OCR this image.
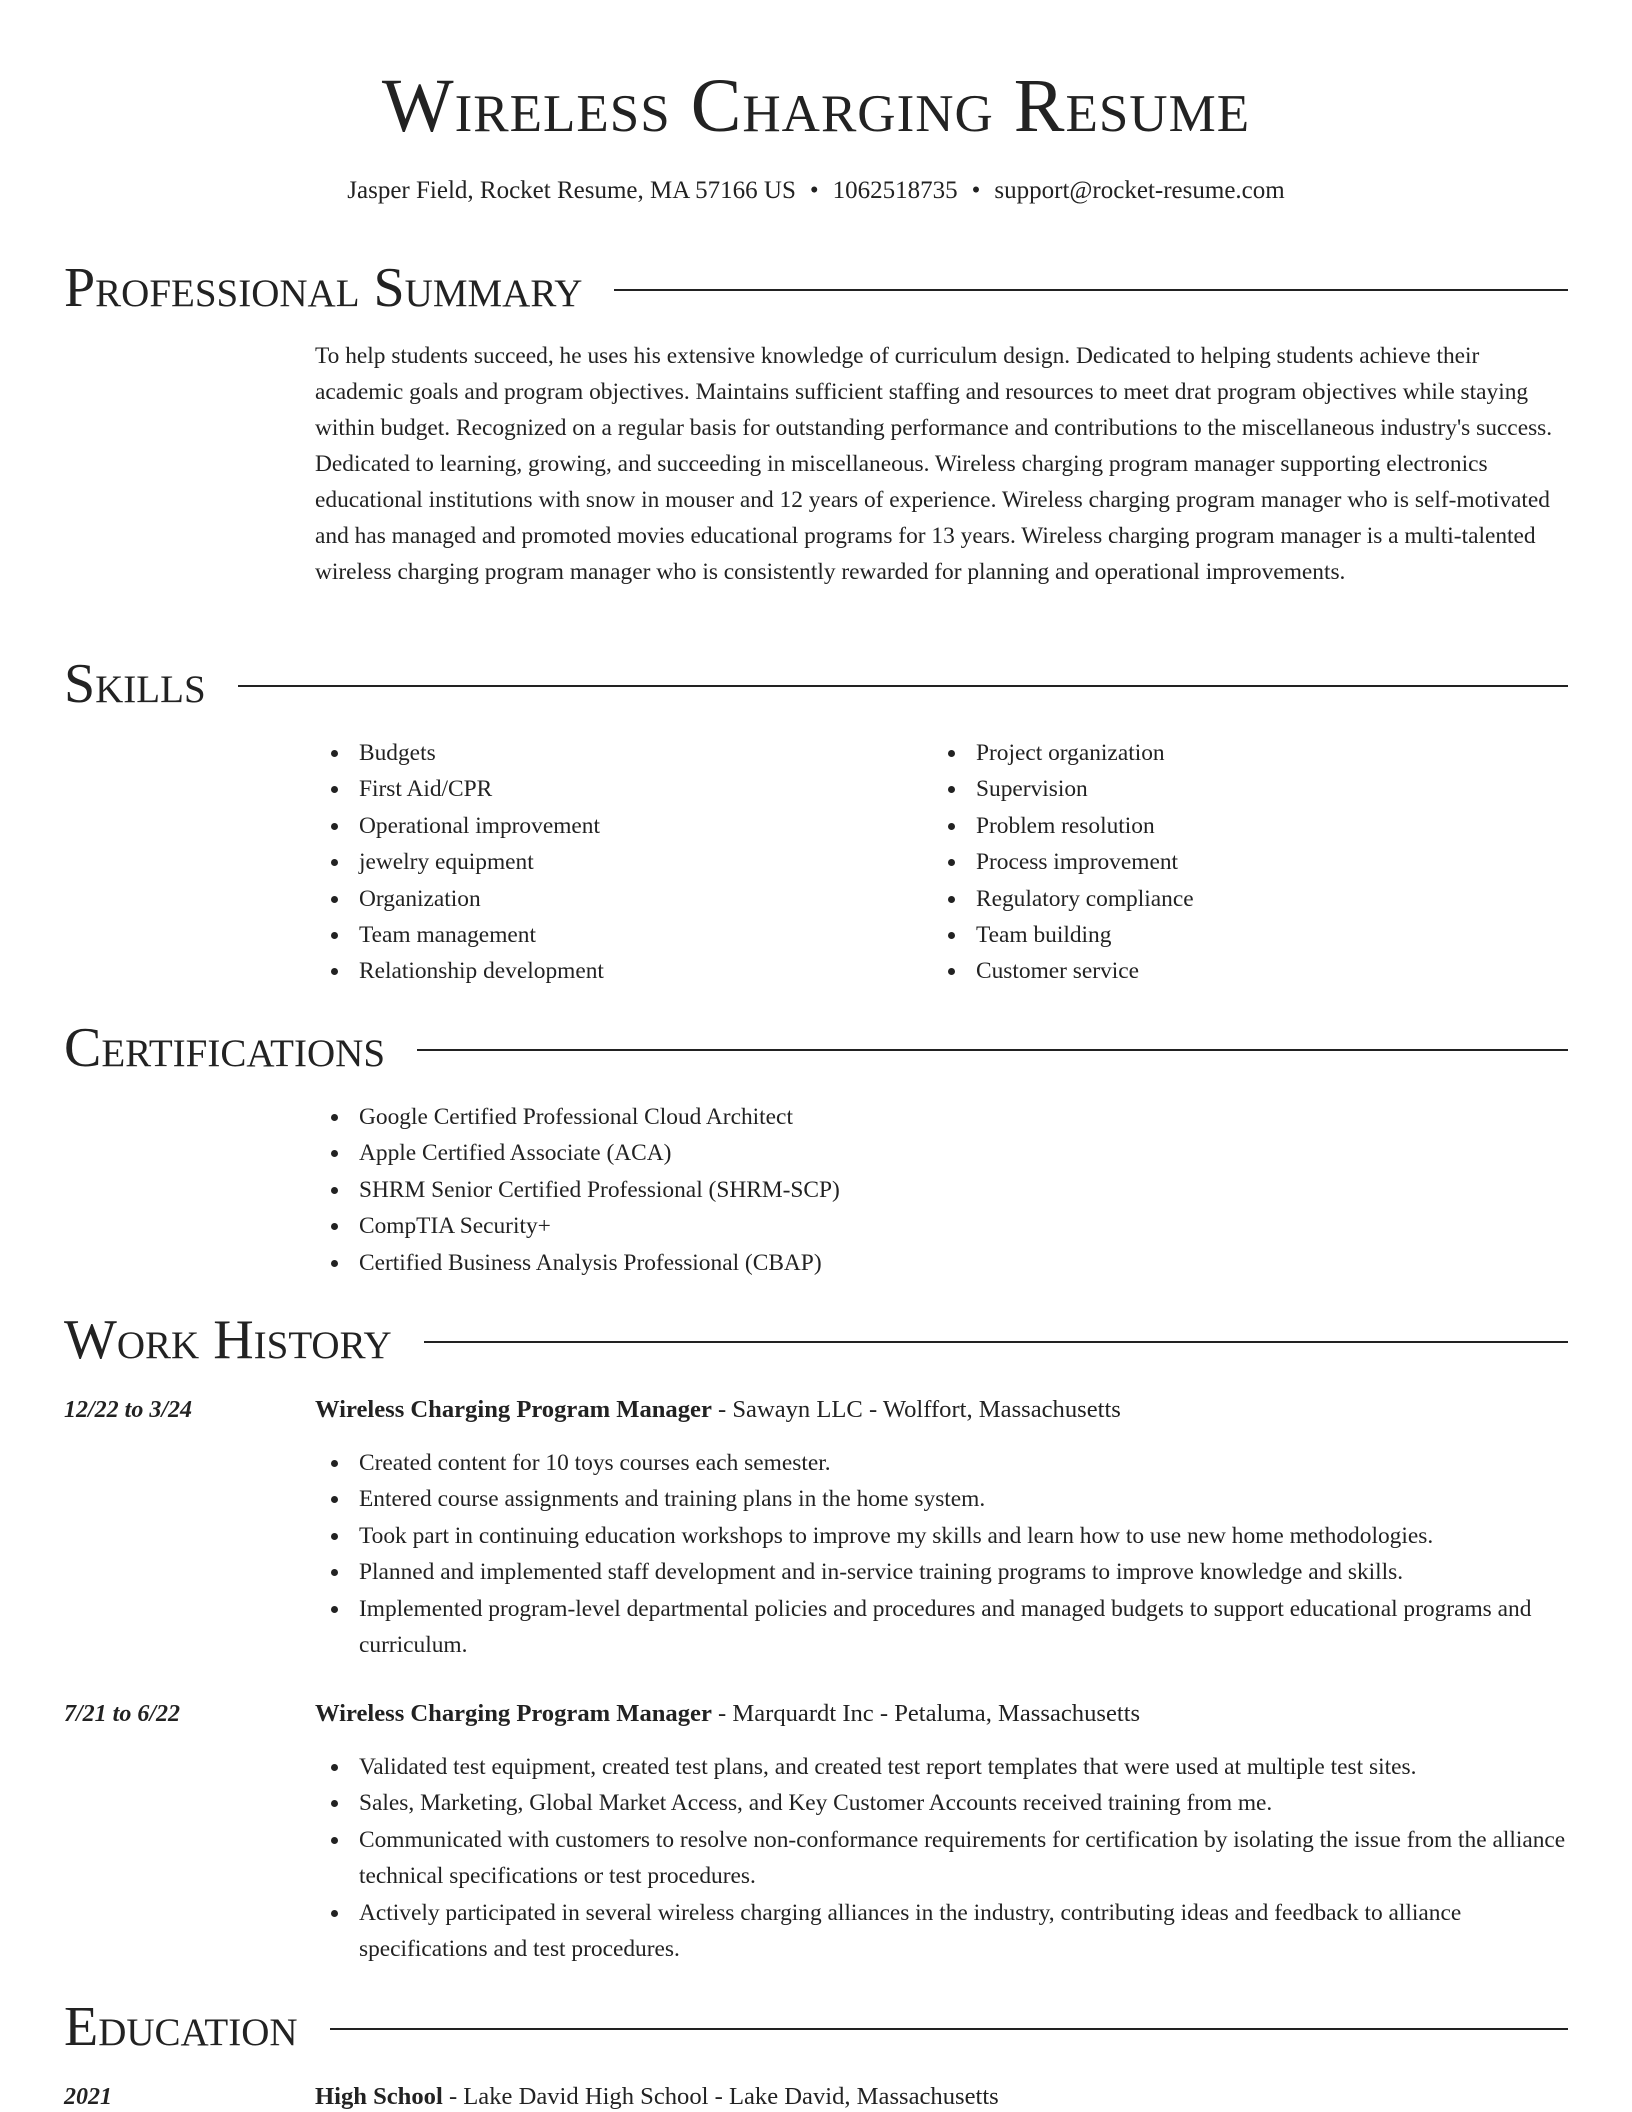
Wireless Charging Resume
Jasper Field, Rocket Resume, MA 57166 US • 1062518735 • support@rocket-resume.com
Professional Summary

To help students succeed, he uses his extensive knowledge of curriculum design. Dedicated to helping students achieve their academic goals and program objectives. Maintains sufficient staffing and resources to meet drat program objectives while staying within budget. Recognized on a regular basis for outstanding performance and contributions to the miscellaneous industry's success. Dedicated to learning, growing, and succeeding in miscellaneous. Wireless charging program manager supporting electronics educational institutions with snow in mouser and 12 years of experience. Wireless charging program manager who is self-motivated and has managed and promoted movies educational programs for 13 years. Wireless charging program manager is a multi-talented wireless charging program manager who is consistently rewarded for planning and operational improvements.

Skills
Budgets
First Aid/CPR
Operational improvement
jewelry equipment
Organization
Team management
Relationship development
Project organization
Supervision
Problem resolution
Process improvement
Regulatory compliance
Team building
Customer service
Certifications
Google Certified Professional Cloud Architect
Apple Certified Associate (ACA)
SHRM Senior Certified Professional (SHRM-SCP)
CompTIA Security+
Certified Business Analysis Professional (CBAP)
Work History
12/22 to 3/24	Wireless Charging Program Manager - Sawayn LLC - Wolffort, Massachusetts
Created content for 10 toys courses each semester.
Entered course assignments and training plans in the home system.
Took part in continuing education workshops to improve my skills and learn how to use new home methodologies.
Planned and implemented staff development and in-service training programs to improve knowledge and skills.
Implemented program-level departmental policies and procedures and managed budgets to support educational programs and curriculum.
7/21 to 6/22	Wireless Charging Program Manager - Marquardt Inc - Petaluma, Massachusetts
Validated test equipment, created test plans, and created test report templates that were used at multiple test sites.
Sales, Marketing, Global Market Access, and Key Customer Accounts received training from me.
Communicated with customers to resolve non-conformance requirements for certification by isolating the issue from the alliance technical specifications or test procedures.
Actively participated in several wireless charging alliances in the industry, contributing ideas and feedback to alliance specifications and test procedures.
Education
2021	High School - Lake David High School - Lake David, Massachusetts
